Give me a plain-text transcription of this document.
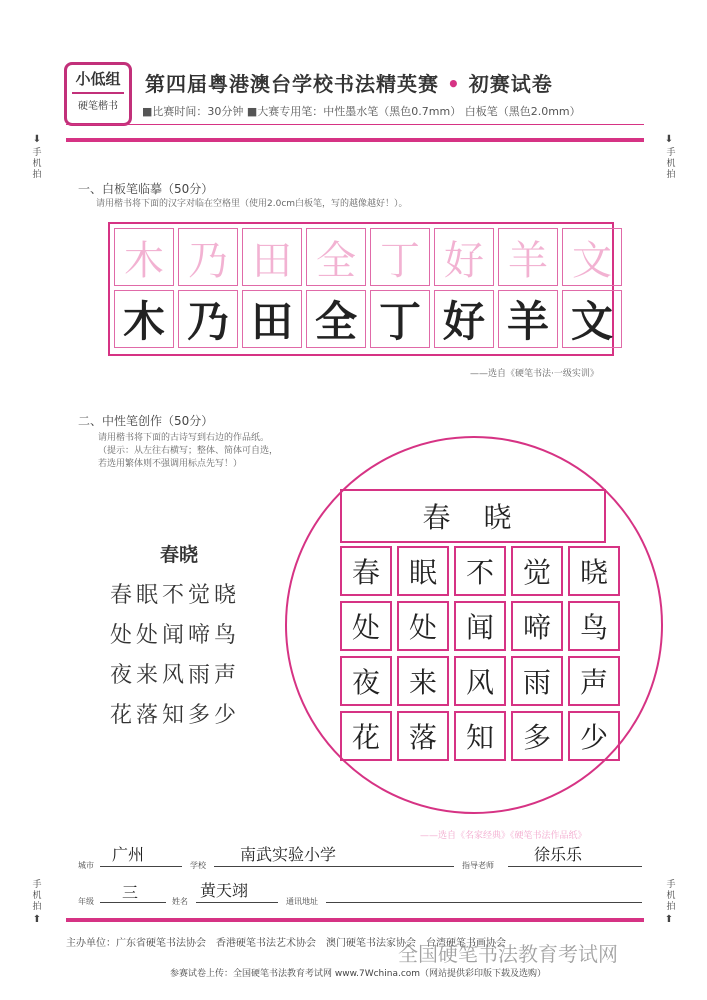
小低组
硬笔楷书
第四届粤港澳台学校书法精英赛 • 初赛试卷
■比赛时间：30分钟 ■大赛专用笔：中性墨水笔（黑色0.7mm） 白板笔（黑色2.0mm）
⬇
手机拍
⬇
手机拍
一、白板笔临摹（50分）
请用楷书将下面的汉字对临在空格里（使用2.0cm白板笔，写的越像越好！）。
木 乃 田 全 丁 好 羊 文
木 乃 田 全 丁 好 羊 文
——选自《硬笔书法·一级实训》
二、中性笔创作（50分）
请用楷书将下面的古诗写到右边的作品纸。
（提示：从左往右横写；整体、简体可自选，
若选用繁体则不强调用标点先写！）
春晓
春眠不觉晓
处处闻啼鸟
夜来风雨声
花落知多少
春 晓
春	眠	不	觉	晓
处	处	闻	啼	鸟
夜	来	风	雨	声
花	落	知	多	少
——选自《名家经典》《硬笔书法作品纸》
城市
广州
学校
南武实验小学
指导老师
徐乐乐
年级 三	姓名
黄天翊
通讯地址
手机拍
⬆
手机拍
⬆
主办单位：广东省硬笔书法协会　香港硬笔书法艺术协会　澳门硬笔书法家协会　台湾硬笔书画协会
参赛试卷上传：全国硬笔书法教育考试网 www.7Wchina.com（网站提供彩印版下载及选购）
全国硬笔书法教育考试网
